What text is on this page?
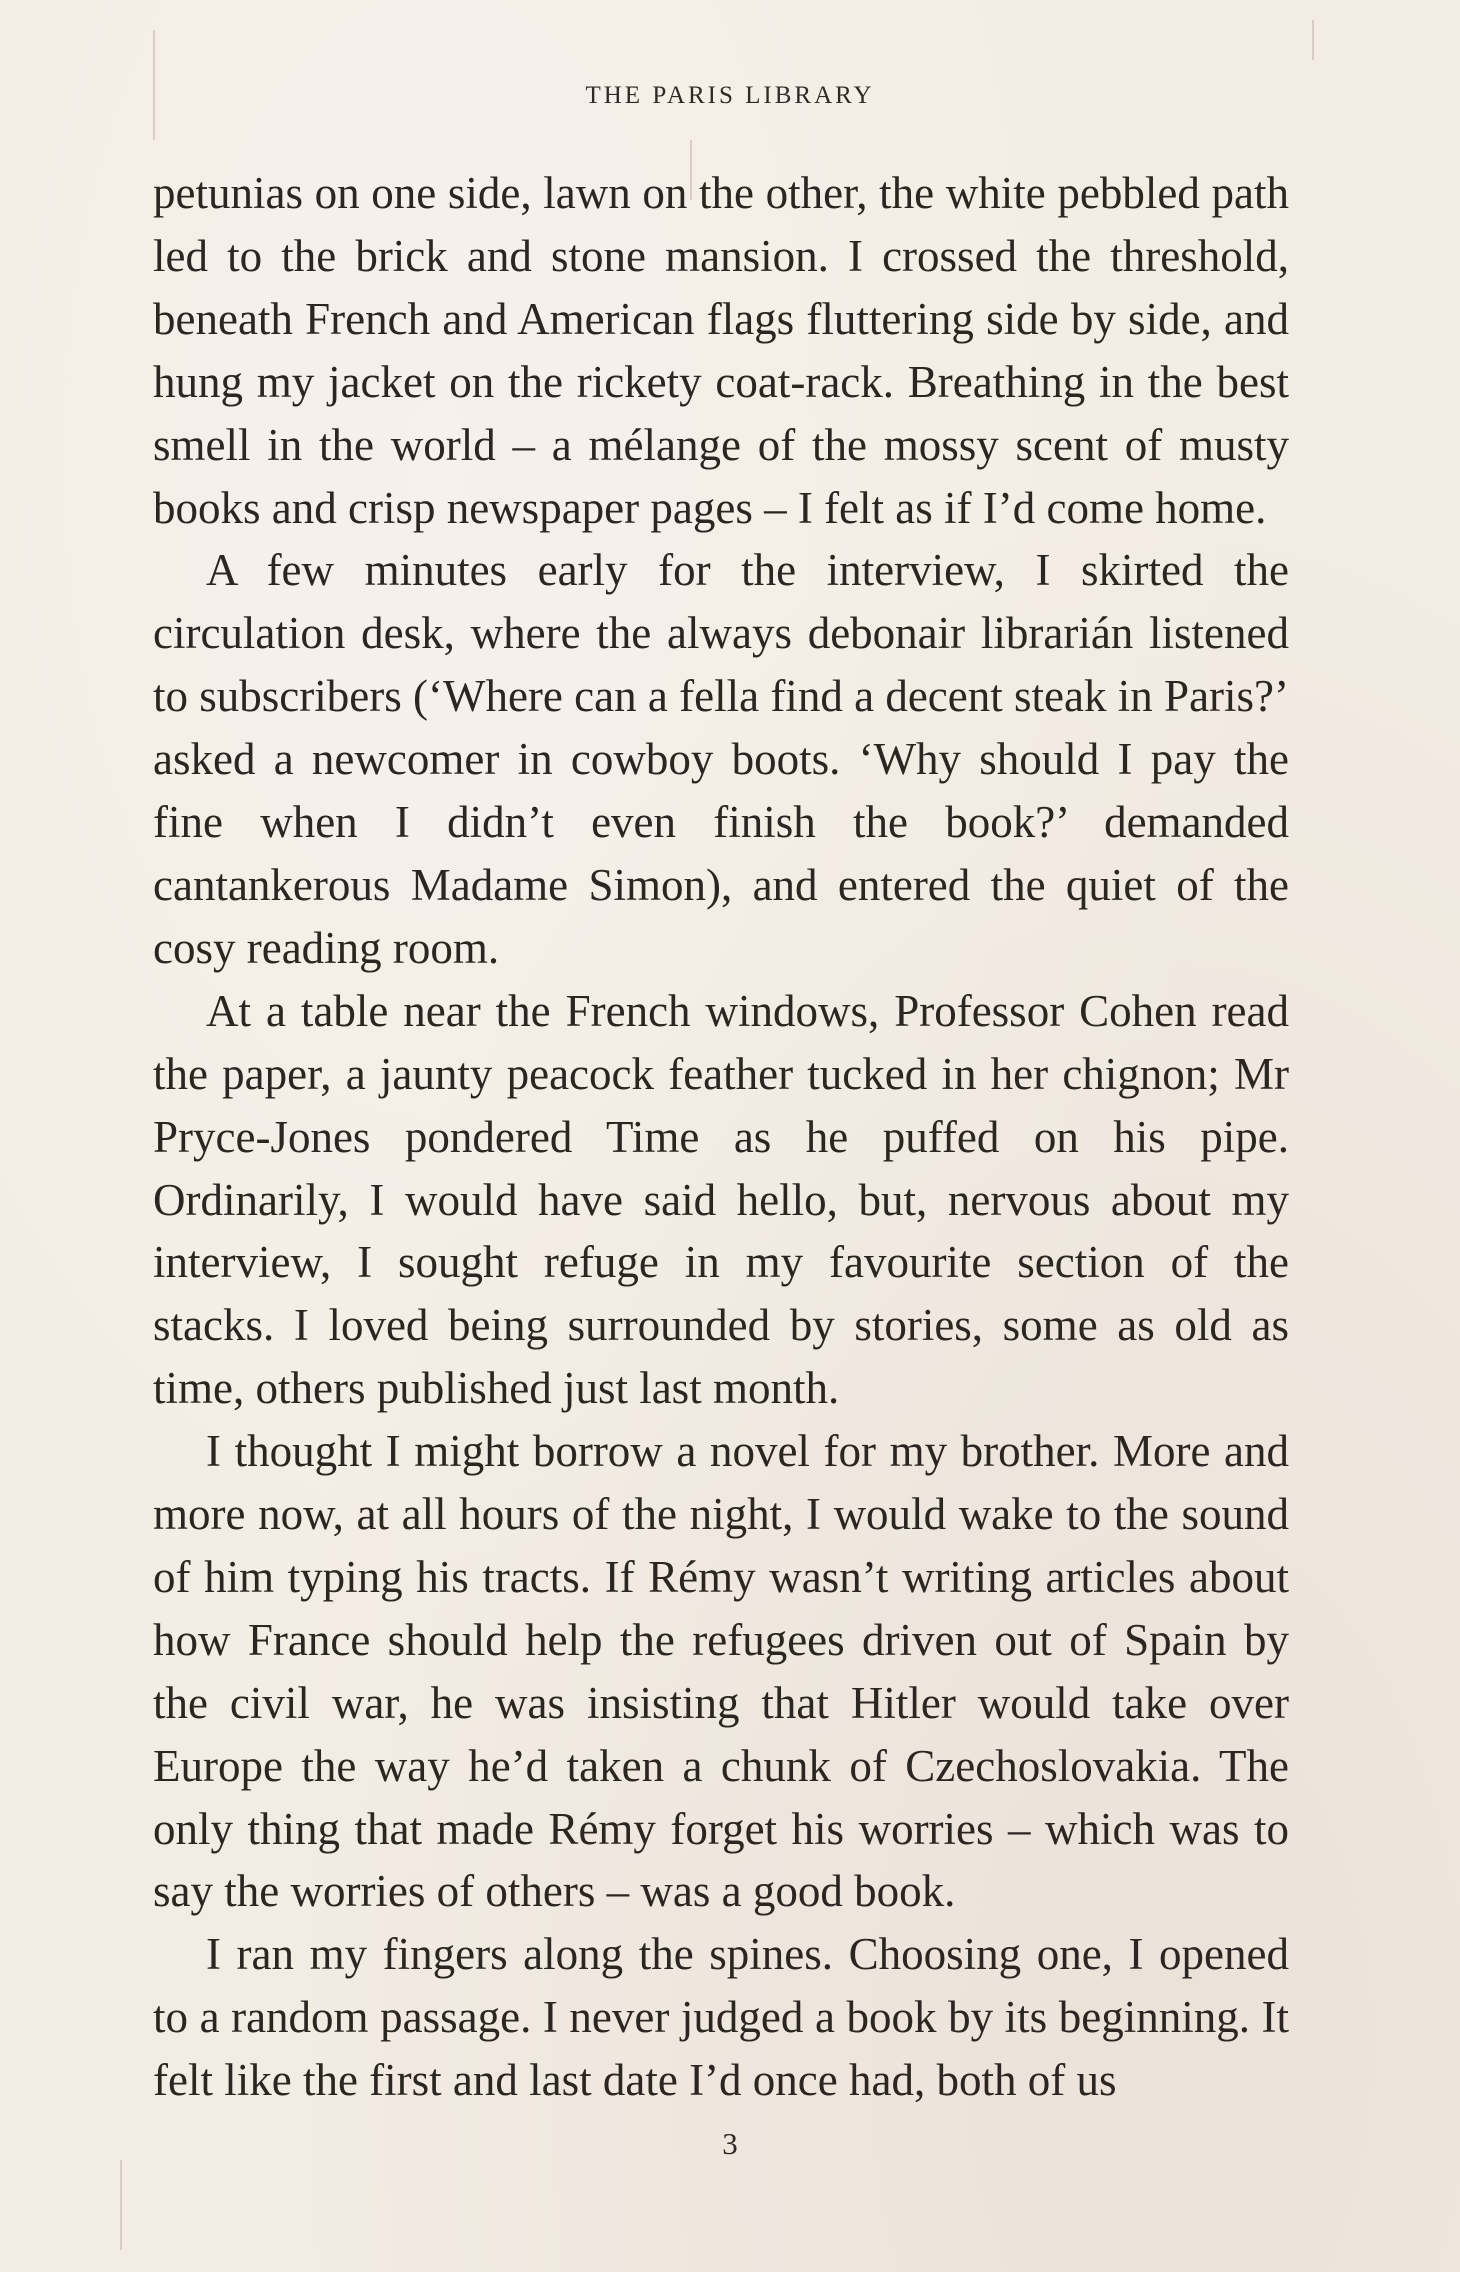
THE PARIS LIBRARY

petunias on one side, lawn on the other, the white pebbled path led to the brick and stone mansion. I crossed the threshold, beneath French and American flags fluttering side by side, and hung my jacket on the rickety coat-rack. Breathing in the best smell in the world – a mélange of the mossy scent of musty books and crisp newspaper pages – I felt as if I’d come home.

A few minutes early for the interview, I skirted the circulation desk, where the always debonair librarián listened to subscribers (‘Where can a fella find a decent steak in Paris?’ asked a newcomer in cowboy boots. ‘Why should I pay the fine when I didn’t even finish the book?’ demanded cantankerous Madame Simon), and entered the quiet of the cosy reading room.

At a table near the French windows, Professor Cohen read the paper, a jaunty peacock feather tucked in her chignon; Mr Pryce-Jones pondered Time as he puffed on his pipe. Ordinarily, I would have said hello, but, nervous about my interview, I sought refuge in my favourite section of the stacks. I loved being surrounded by stories, some as old as time, others published just last month.

I thought I might borrow a novel for my brother. More and more now, at all hours of the night, I would wake to the sound of him typing his tracts. If Rémy wasn’t writing articles about how France should help the refugees driven out of Spain by the civil war, he was insisting that Hitler would take over Europe the way he’d taken a chunk of Czechoslovakia. The only thing that made Rémy forget his worries – which was to say the worries of others – was a good book.

I ran my fingers along the spines. Choosing one, I opened to a random passage. I never judged a book by its beginning. It felt like the first and last date I’d once had, both of us

3
